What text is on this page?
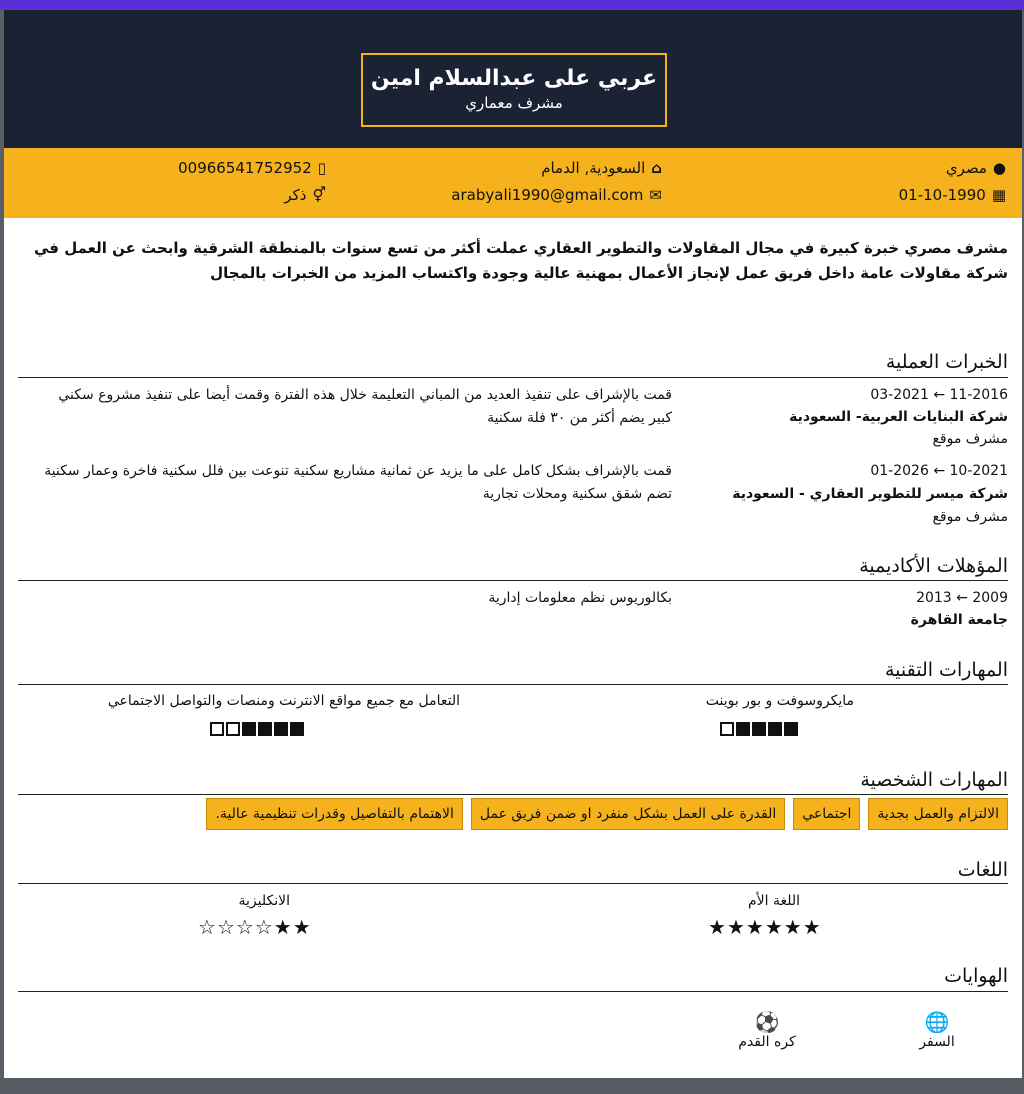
عربي على عبدالسلام امين
مشرف معماري
●مصري
⌂السعودية, الدمام
▯00966541752952
▦01-10-1990
✉arabyali1990@gmail.com
⚥ذكر
مشرف مصري خبرة كبيرة في مجال المقاولات والتطوير العقاري عملت أكثر من تسع سنوات بالمنطقة الشرقية وابحث عن العمل في شركة مقاولات عامة داخل فريق عمل لإنجاز الأعمال بمهنية عالية وجودة واكتساب المزيد من الخبرات بالمجال
الخبرات العملية
11-2016 ← 03-2021
شركة البنايات العربية- السعودية
مشرف موقع
قمت بالإشراف على تنفيذ العديد من المباني التعليمة خلال هذه الفترة وقمت أيضا على تنفيذ مشروع سكني كبير يضم أكثر من ٣٠ فلة سكنية
10-2021 ← 01-2026
شركة ميسر للتطوير العقاري - السعودية
مشرف موقع
قمت بالإشراف بشكل كامل على ما يزيد عن ثمانية مشاريع سكنية تنوعت بين فلل سكنية فاخرة وعمار سكنية تضم شقق سكنية ومحلات تجارية
المؤهلات الأكاديمية
2009 ← 2013
جامعة القاهرة
بكالوريوس نظم معلومات إدارية
المهارات التقنية
مايكروسوفت و بور بوينت
التعامل مع جميع مواقع الانترنت ومنصات والتواصل الاجتماعي
المهارات الشخصية
الالتزام والعمل بجدية
اجتماعي
القدرة على العمل بشكل منفرد او ضمن فريق عمل
الاهتمام بالتفاصيل وقدرات تنظيمية عالية.
اللغات
اللغة الأم
★★★★★★
الانكليزية
☆☆☆☆★★
الهوايات
🌐
السفر
⚽
كره القدم
